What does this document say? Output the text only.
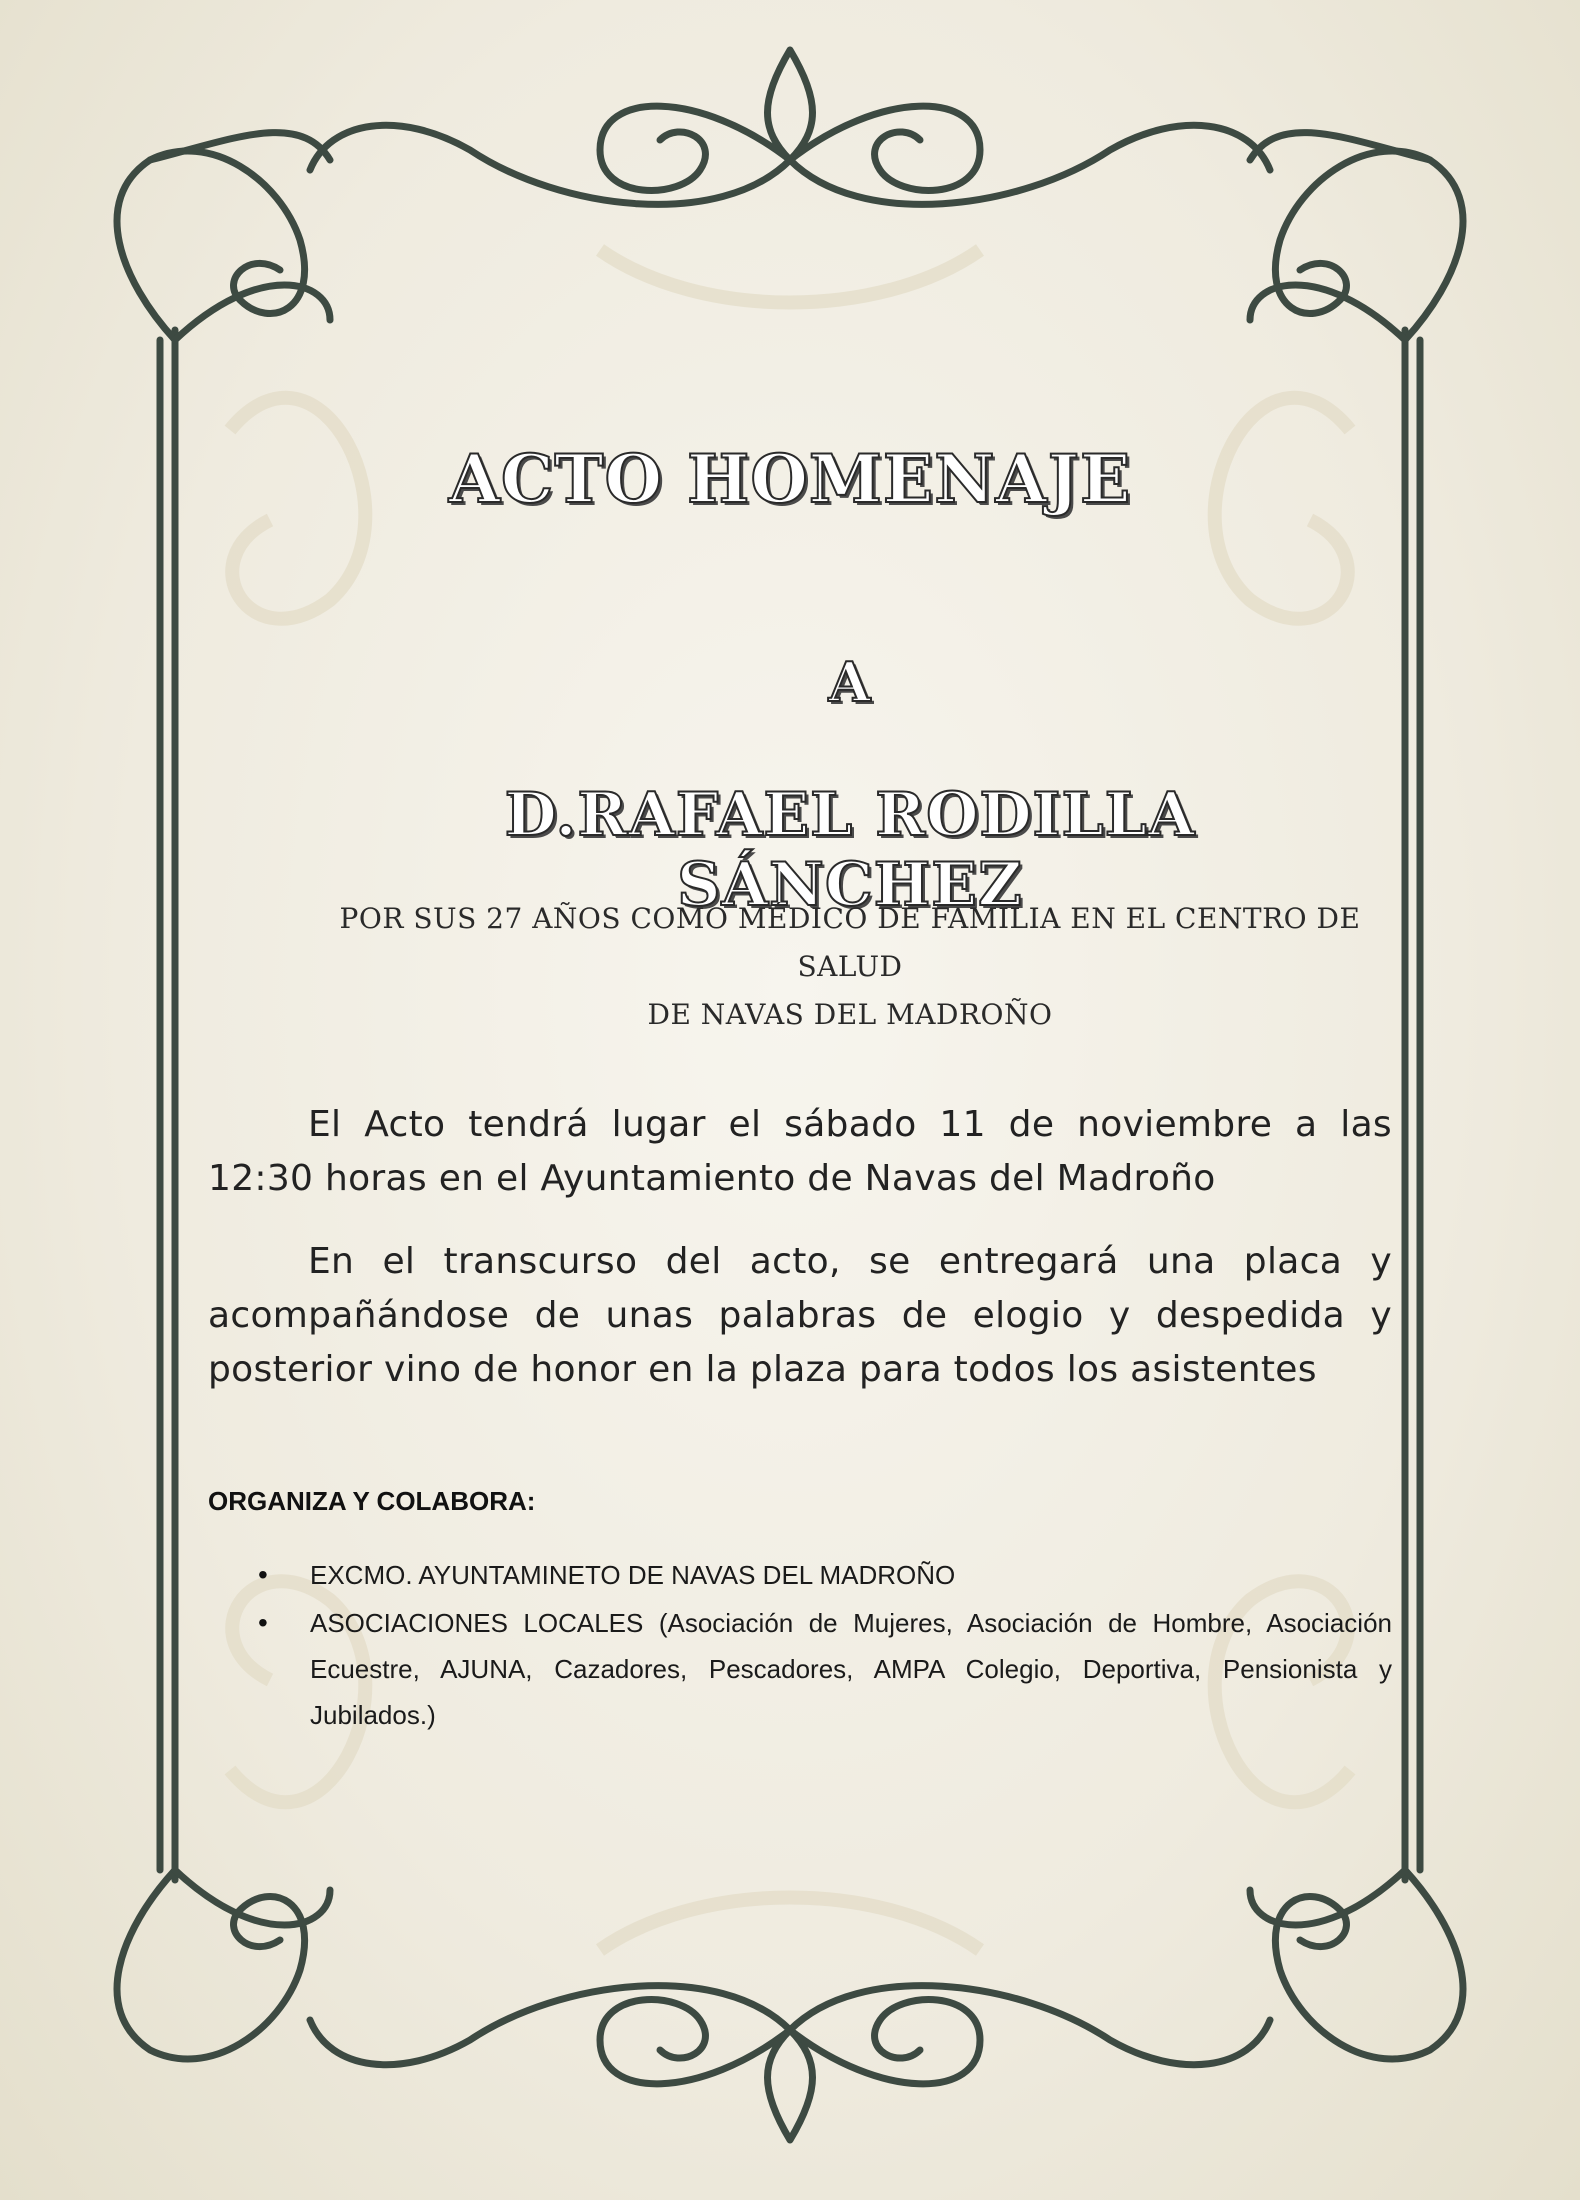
ACTO HOMENAJE
A
D.RAFAEL RODILLA SÁNCHEZ
POR SUS 27 AÑOS COMO MÉDICO DE FAMILIA EN EL CENTRO DE SALUD
DE NAVAS DEL MADROÑO

El Acto tendrá lugar el sábado 11 de noviembre a las 12:30 horas en el Ayuntamiento de Navas del Madroño

En el transcurso del acto, se entregará una placa y acompañándose de unas palabras de elogio y despedida y posterior vino de honor en la plaza para todos los asistentes

ORGANIZA Y COLABORA:

• EXCMO. AYUNTAMINETO DE NAVAS DEL MADROÑO
• ASOCIACIONES LOCALES (Asociación de Mujeres, Asociación de Hombre, Asociación Ecuestre, AJUNA, Cazadores, Pescadores, AMPA Colegio, Deportiva, Pensionista y Jubilados.)
